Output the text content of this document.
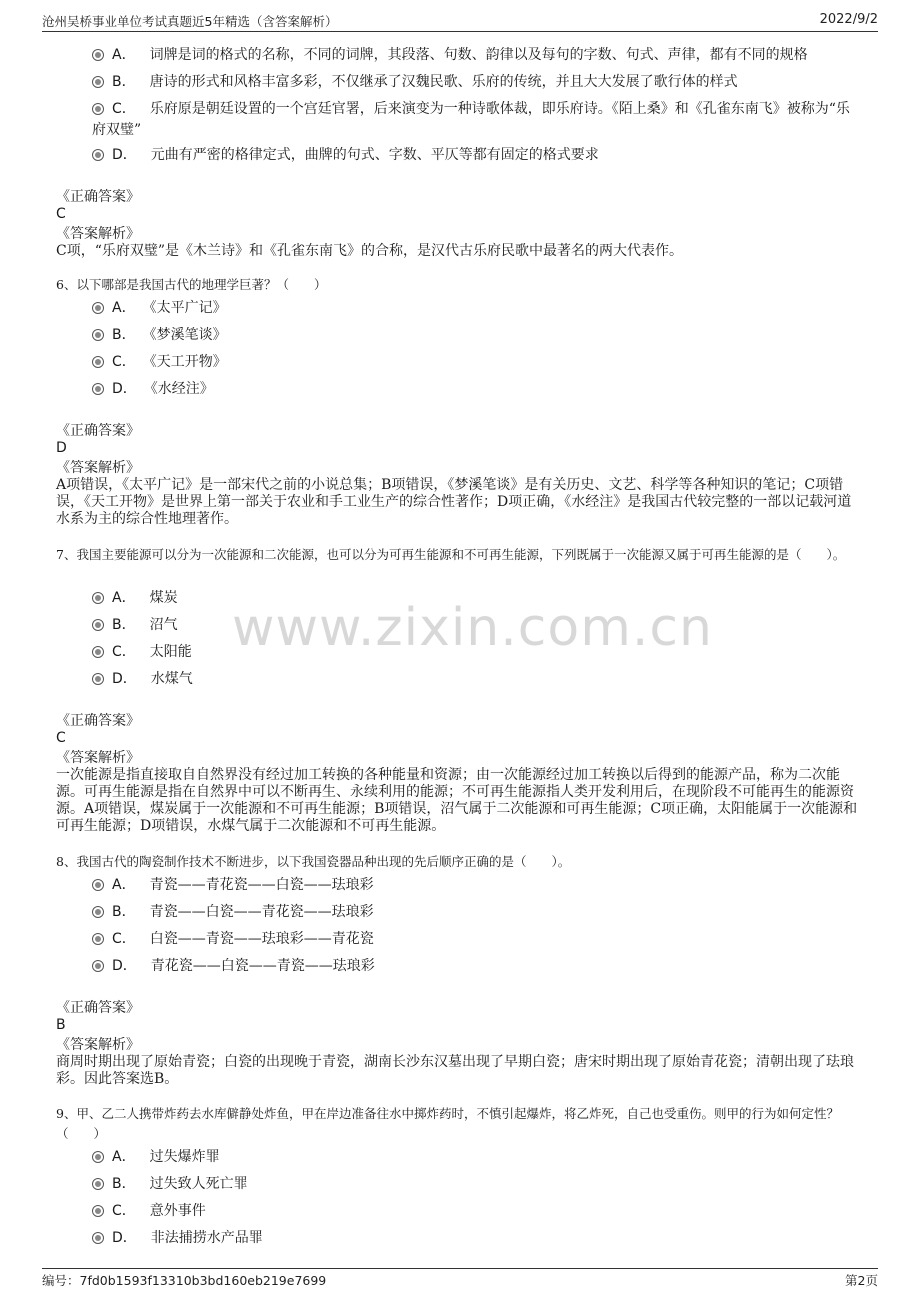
沧州吴桥事业单位考试真题近5年精选（含答案解析）	2022/9/2
www.zixin.com.cn
A． 词牌是词的格式的名称，不同的词牌，其段落、句数、韵律以及每句的字数、句式、声律，都有不同的规格
B． 唐诗的形式和风格丰富多彩，不仅继承了汉魏民歌、乐府的传统，并且大大发展了歌行体的样式
C． 乐府原是朝廷设置的一个宫廷官署，后来演变为一种诗歌体裁，即乐府诗。《陌上桑》和《孔雀东南飞》被称为“乐府双璧”
D． 元曲有严密的格律定式，曲牌的句式、字数、平仄等都有固定的格式要求
《正确答案》
C
《答案解析》
C项，“乐府双璧”是《木兰诗》和《孔雀东南飞》的合称，是汉代古乐府民歌中最著名的两大代表作。
6、以下哪部是我国古代的地理学巨著？（　　）
A． 《太平广记》
B． 《梦溪笔谈》
C． 《天工开物》
D． 《水经注》
《正确答案》
D
《答案解析》
A项错误，《太平广记》是一部宋代之前的小说总集；B项错误，《梦溪笔谈》是有关历史、文艺、科学等各种知识的笔记；C项错误，《天工开物》是世界上第一部关于农业和手工业生产的综合性著作；D项正确，《水经注》是我国古代较完整的一部以记载河道水系为主的综合性地理著作。
7、我国主要能源可以分为一次能源和二次能源，也可以分为可再生能源和不可再生能源，下列既属于一次能源又属于可再生能源的是（　　）。
A． 煤炭
B． 沼气
C． 太阳能
D． 水煤气
《正确答案》
C
《答案解析》
一次能源是指直接取自自然界没有经过加工转换的各种能量和资源；由一次能源经过加工转换以后得到的能源产品，称为二次能源。可再生能源是指在自然界中可以不断再生、永续利用的能源；不可再生能源指人类开发利用后，在现阶段不可能再生的能源资源。A项错误，煤炭属于一次能源和不可再生能源；B项错误，沼气属于二次能源和可再生能源；C项正确，太阳能属于一次能源和可再生能源；D项错误，水煤气属于二次能源和不可再生能源。
8、我国古代的陶瓷制作技术不断进步，以下我国瓷器品种出现的先后顺序正确的是（　　）。
A． 青瓷——青花瓷——白瓷——珐琅彩
B． 青瓷——白瓷——青花瓷——珐琅彩
C． 白瓷——青瓷——珐琅彩——青花瓷
D． 青花瓷——白瓷——青瓷——珐琅彩
《正确答案》
B
《答案解析》
商周时期出现了原始青瓷；白瓷的出现晚于青瓷，湖南长沙东汉墓出现了早期白瓷；唐宋时期出现了原始青花瓷；清朝出现了珐琅彩。因此答案选B。
9、甲、乙二人携带炸药去水库僻静处炸鱼，甲在岸边准备往水中掷炸药时，不慎引起爆炸，将乙炸死，自己也受重伤。则甲的行为如何定性？（　　）
A． 过失爆炸罪
B． 过失致人死亡罪
C． 意外事件
D． 非法捕捞水产品罪
编号：7fd0b1593f13310b3bd160eb219e7699	第2页
